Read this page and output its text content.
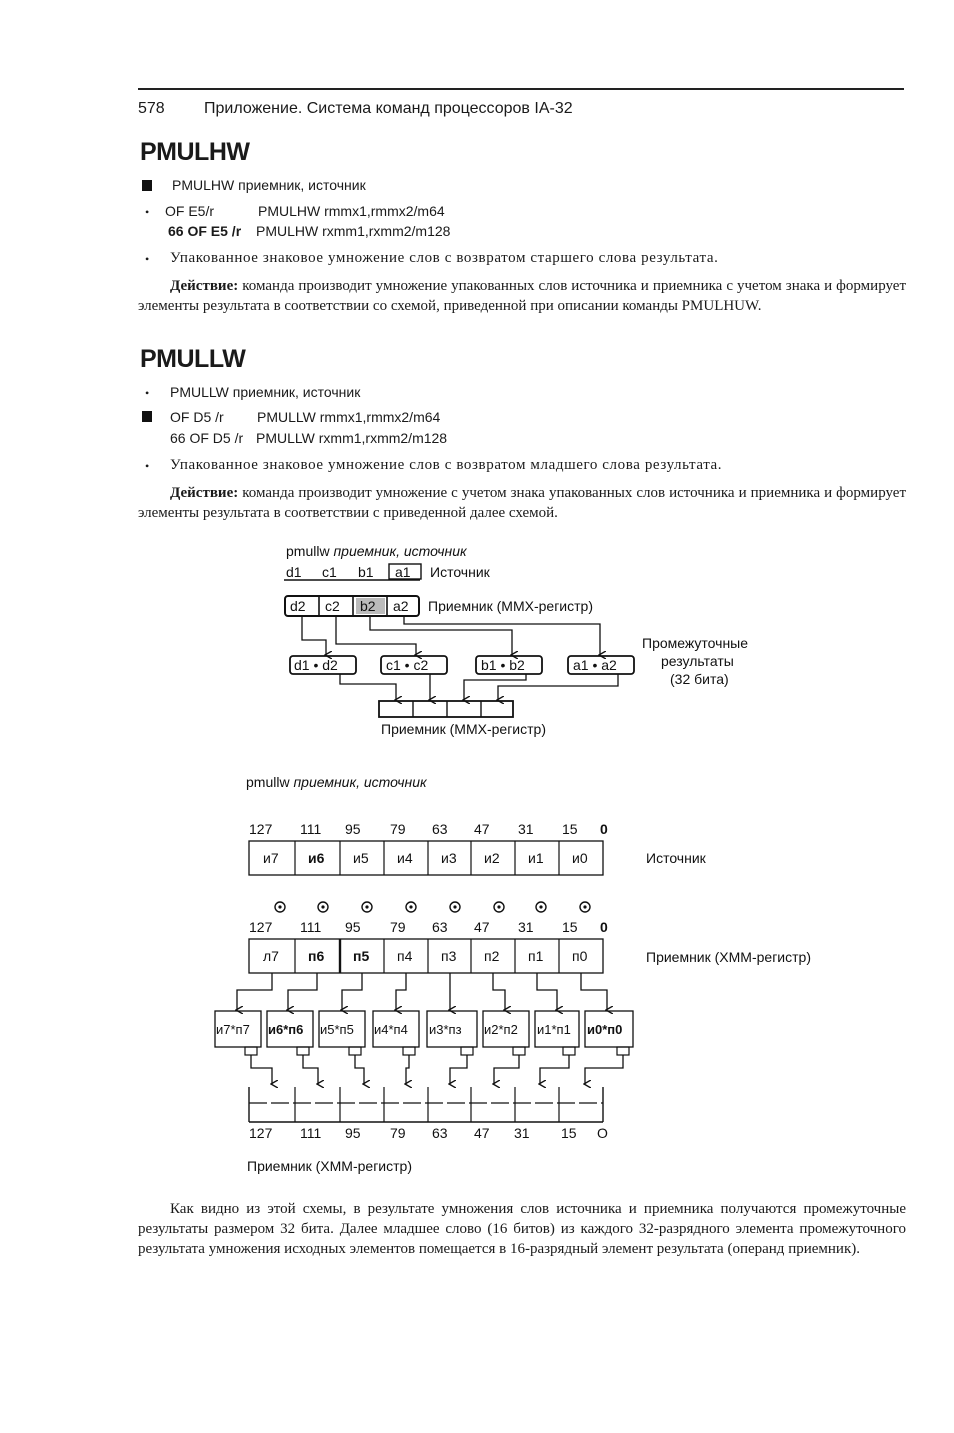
578 Приложение. Система команд процессоров IA-32
PMULHW
PMULHW приемник, источник
• OF E5/r	PMULHW rmmx1,rmmx2/m64
66 OF E5 /r PMULHW rxmm1,rxmm2/m128
• Упакованное знаковое умножение слов с возвратом старшего слова результата.
Действие: команда производит умножение упакованных слов источника и приемника с учетом знака и формирует элементы результата в соответствии со схемой, приведенной при описании команды PMULHUW.
PMULLW
• PMULLW приемник, источник
OF D5 /r PMULLW rmmx1,rmmx2/m64
66 OF D5 /r PMULLW rxmm1,rxmm2/m128
• Упакованное знаковое умножение слов с возвратом младшего слова результата.
Действие: команда производит умножение с учетом знака упакованных слов источника и приемника и формирует элементы результата в соответствии с приведенной далее схемой.
pmullw приемник, источник
d1 c1 b1 a1 Источник
d2 c2 b2 a2 Приемник (MMX-регистр)
d1 • d2	c1 • c2	b1 • b2	a1 • a2
Промежуточные
результаты
(32 бита)
Приемник (MMX-регистр)
pmullw приемник, источник
127 111 95 79 63 47 31 15 0
и7 и6 и5 и4 и3 и2 и1 и0	Источник
127 111 95 79 63 47 31 15 0
л7 п6 п5 п4 п3 п2 п1 п0	Приемник (XMM-регистр)
и7*п7 и6*п6 и5*п5 и4*п4 и3*пз и2*п2 и1*п1 и0*п0
127 111 95 79 63 47 31 15 O
Приемник (XMM-регистр)
Как видно из этой схемы, в результате умножения слов источника и приемника получаются промежуточные результаты размером 32 бита. Далее младшее слово (16 битов) из каждого 32-разрядного элемента промежуточного результата умножения исходных элементов помещается в 16-разрядный элемент результата (операнд приемник).
